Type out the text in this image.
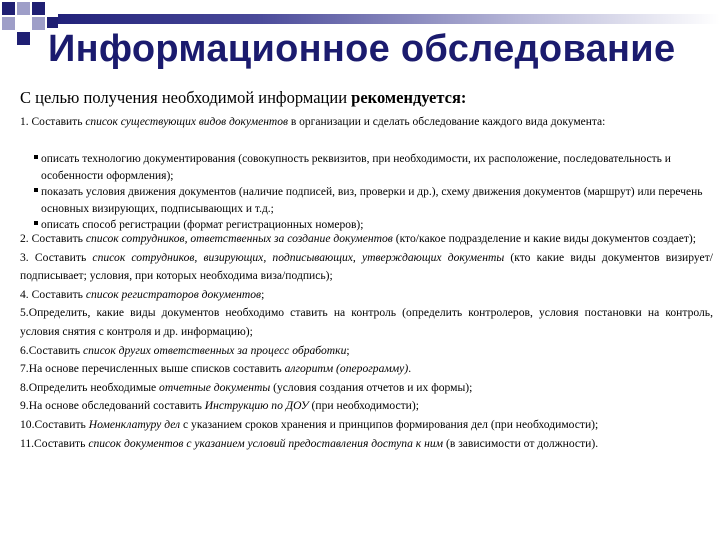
Информационное обследование
С целью получения необходимой информации рекомендуется:
1. Составить список существующих видов документов в организации и сделать обследование каждого вида документа:
описать технологию документирования (совокупность реквизитов, при необходимости, их расположение, последовательность и особенности оформления);
показать условия движения документов (наличие подписей, виз, проверки и др.), схему движения документов (маршрут) или перечень основных визирующих, подписывающих и т.д.;
описать способ регистрации (формат регистрационных номеров);
2. Составить список сотрудников, ответственных за создание документов (кто/какое подразделение и какие виды документов создает);
3. Составить список сотрудников, визирующих, подписывающих, утверждающих документы (кто какие виды документов визирует/подписывает; условия, при которых необходима виза/подпись);
4. Составить список регистраторов документов;
5.Определить, какие виды документов необходимо ставить на контроль (определить контролеров, условия постановки на контроль, условия снятия с контроля и др. информацию);
6.Составить список других ответственных за процесс обработки;
7.На основе перечисленных выше списков составить алгоритм (оперограмму).
8.Определить необходимые отчетные документы (условия создания отчетов и их формы);
9.На основе обследований составить Инструкцию по ДОУ (при необходимости);
10.Составить Номенклатуру дел с указанием сроков хранения и принципов формирования дел (при необходимости);
11.Составить список документов с указанием условий предоставления доступа к ним (в зависимости от должности).
